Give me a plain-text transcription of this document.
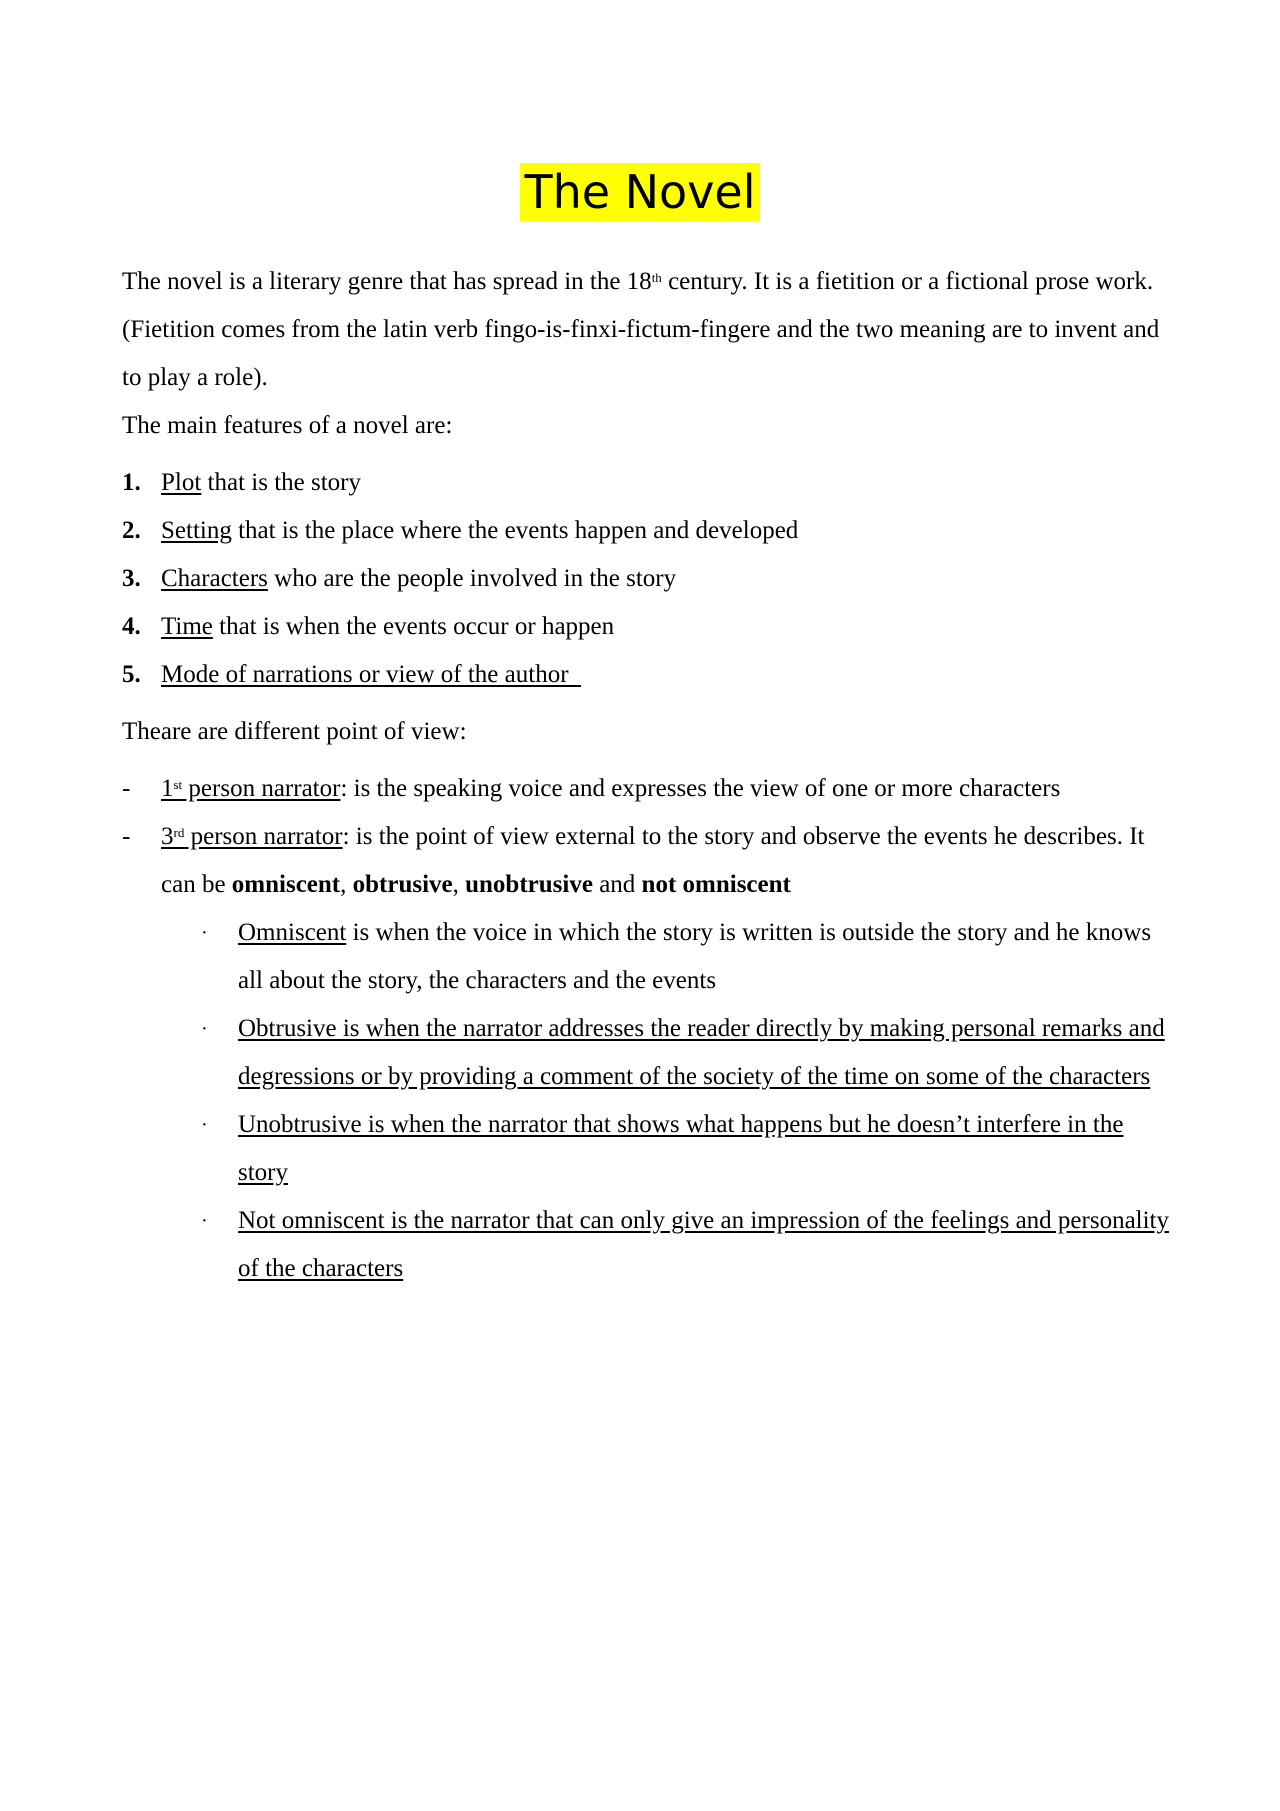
The Novel

The novel is a literary genre that has spread in the 18th century. It is a fietition or a fictional prose work. (Fietition comes from the latin verb fingo-is-finxi-fictum-fingere and the two meaning are to invent and to play a role).

The main features of a novel are:

1. Plot that is the story
2. Setting that is the place where the events happen and developed
3. Characters who are the people involved in the story
4. Time that is when the events occur or happen
5. Mode of narrations or view of the author

Theare are different point of view:

- 1st person narrator: is the speaking voice and expresses the view of one or more characters
- 3rd person narrator: is the point of view external to the story and observe the events he describes. It can be omniscent, obtrusive, unobtrusive and not omniscent
· Omniscent is when the voice in which the story is written is outside the story and he knows all about the story, the characters and the events
· Obtrusive is when the narrator addresses the reader directly by making personal remarks and degressions or by providing a comment of the society of the time on some of the characters
· Unobtrusive is when the narrator that shows what happens but he doesn’t interfere in the story
· Not omniscent is the narrator that can only give an impression of the feelings and personality of the characters
